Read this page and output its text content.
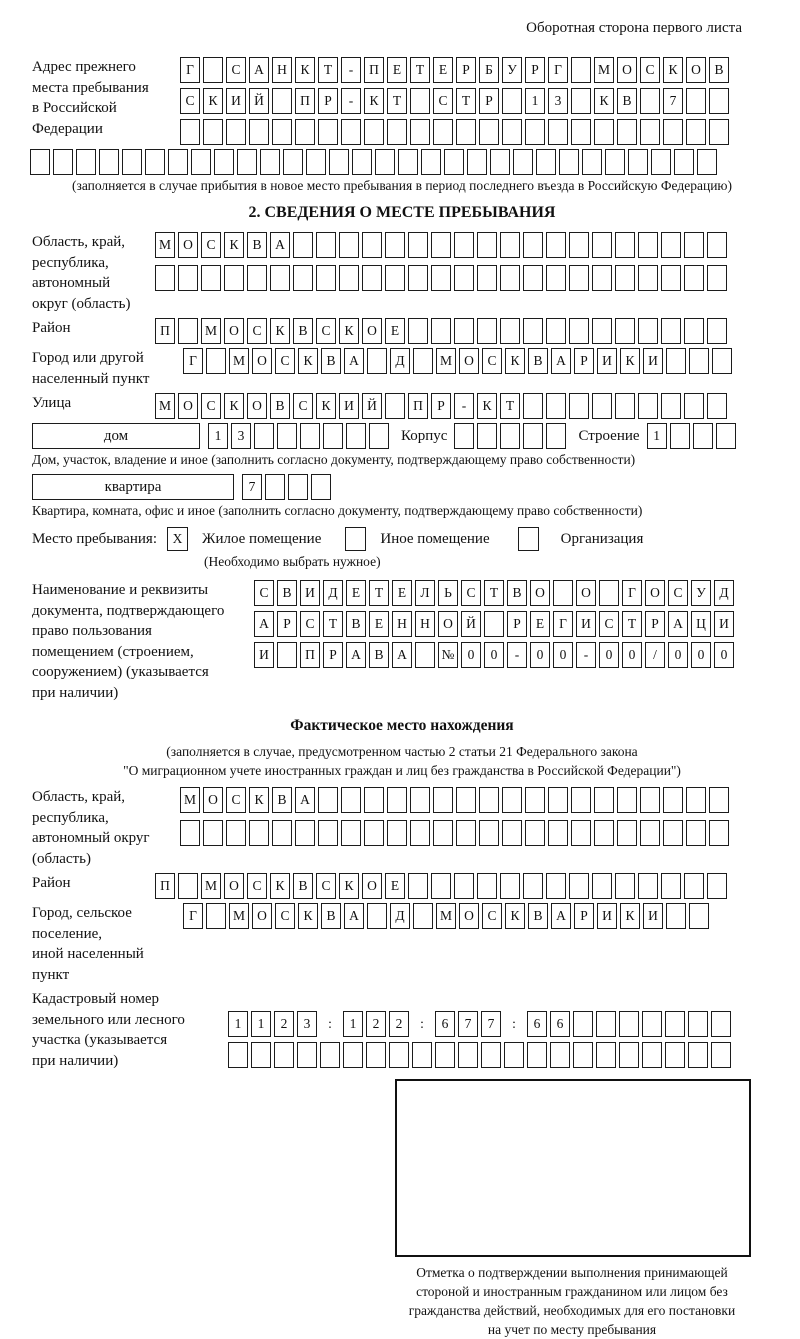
Оборотная сторона первого листа
Адрес прежнего
места пребывания
в Российской
Федерации
Г	С	А Н	К	Т	-	П	Е	Т	Е	Р	Б	У	Р	Г	М О	С	К	О	В
С	К	И Й	П	Р	-	К	Т	С	Т	Р	1	3	К	В	7
(заполняется в случае прибытия в новое место пребывания в период последнего въезда в Российскую Федерацию)
2. СВЕДЕНИЯ О МЕСТЕ ПРЕБЫВАНИЯ
Область, край,
республика,
автономный
округ (область)
М О	С	К	В	А
Район	П	М О	С	К	В	С	К	О	Е
Город или другой
населенный пункт
Г	М О	С	К	В	А	Д	М О	С	К	В	А	Р	И	К	И
Улица	М О	С	К	О	В	С	К	И Й	П	Р	-	К	Т
дом	1	3	Корпус	Строение	1
Дом, участок, владение и иное (заполнить согласно документу, подтверждающему право собственности)
квартира	7
Квартира, комната, офис и иное (заполнить согласно документу, подтверждающему право собственности)
Место пребывания:	X	Жилое помещение	Иное помещение	Организация
(Необходимо выбрать нужное)
Наименование и реквизиты
документа, подтверждающего
право пользования
помещением (строением,
сооружением) (указывается
при наличии)
С	В	И	Д	Е	Т	Е	Л	Ь	С	Т	В	О	О	Г	О	С	У	Д
А	Р	С	Т	В	Е	Н Н О Й	Р	Е	Г	И	С	Т	Р	А Ц И
И	П	Р	А	В	А	№ 0	0	-	0	0	-	0	0	/	0	0	0
Фактическое место нахождения
(заполняется в случае, предусмотренном частью 2 статьи 21 Федерального закона
"О миграционном учете иностранных граждан и лиц без гражданства в Российской Федерации")
Область, край,
республика,
автономный округ
(область)
М О	С	К	В	А
Район	П	М О	С	К	В	С	К	О	Е
Город, сельское поселение,
иной населенный пункт
Г	М О	С	К	В	А	Д	М О	С	К	В	А	Р	И	К	И
Кадастровый номер
земельного или лесного
участка (указывается
при наличии)
1	1	2	3	:	1	2	2	:	6	7	7	:	6	6
Отметка о подтверждении выполнения принимающей
стороной и иностранным гражданином или лицом без
гражданства действий, необходимых для его постановки
на учет по месту пребывания
